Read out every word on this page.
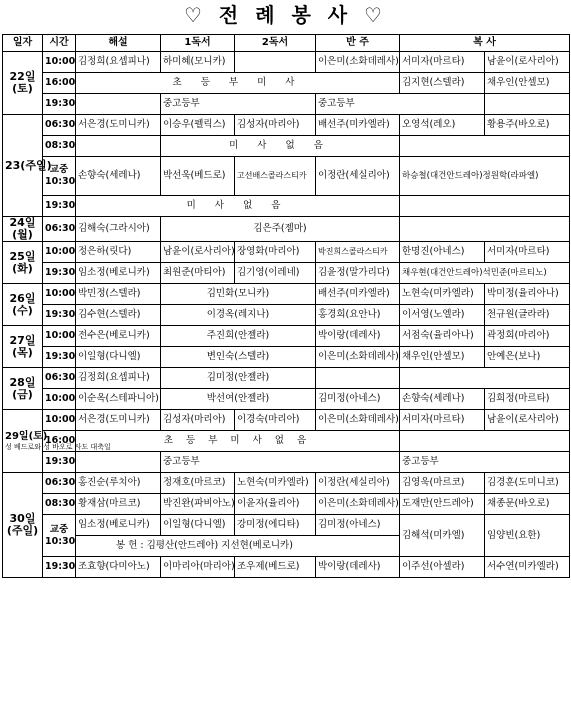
♡ 전 례 봉 사 ♡
일자	시간	해설	1독서	2독서	반 주	복 사	
22일
(토)	10:00	김정희(요셉피나)	하미혜(모니카)		이은미(소화데레사)	서미자(마르타)	남윤이(로사리아)
	16:00	초 등 부 미 사				김지현(스텔라)	채우인(안셀모)
	19:30		중고등부		중고등부		
23(주일)	06:30	서은경(도미니카)	이승우(펠릭스)	김성자(마리아)	배선주(미카엘라)	오영석(레오)	황용주(바오로)
	08:30		미 사 없 음				
	교중
10:30	손향숙(세레나)	박선욱(베드로)	고선배스콜라스티카	이정란(세실리아)	하승철(대건안드레아)정원학(라파엘)	
	19:30	미 사 없 음					
24일
(월)	06:30	김해숙(그라시아)	김은주(젬마)				
25일
(화)	10:00	정은하(릿다)	남윤이(로사리아)	장영화(마리아)	박진희스콜라스티카	한명진(아네스)	서미자(마르타)
	19:30	임소정(베로니카)	최원준(마티아)	김기영(이레네)	김윤정(말가리다)	채우현(대건안드레아)석민준(마르티노)	
26일
(수)	10:00	박민정(스텔라)	김민화(모니카)		배선주(미카엘라)	노현숙(미카엘라)	박미정(율리아나)
	19:30	김수현(스텔라)	이경옥(레지나)		홍경희(요안나)	이서영(노엘라)	천규원(글라라)
27일
(목)	10:00	전수은(베로니카)	주진희(안젤라)		박이랑(데레사)	서점숙(율리아나)	곽정희(마리아)
	19:30	이일형(다니엘)	변인숙(스텔라)		이은미(소화데레사)	채우인(안셀모)	안예은(보나)
28일
(금)	06:30	김정희(요셉피나)	김미정(안젤라)				
	10:00	이순옥(스테파니아)	박선여(안젤라)		김미정(아네스)	손향숙(세레나)	김희정(마르타)
29일(토)
성 베드로와 성 바오로 사도 대축일	10:00	서은경(도미니카)	김성자(마리아)	이경숙(마리아)	이은미(소화데레사)	서미자(마르타)	남윤이(로사리아)
	16:00	초 등 부 미 사 없 음					
	19:30		중고등부			중고등부	
30일
(주일)	06:30	홍진순(루치아)	정재호(마르코)	노현숙(미카엘라)	이정란(세실리아)	김영욱(마르코)	김경훈(도미니코)
	08:30	황재삼(마르코)	박진완(파비아노)	이윤자(율리아)	이은미(소화데레사)	도재만(안드레아)	채종문(바오로)
	교중
10:30	임소정(베로니카)	이일형(다니엘)	강미정(에디타)	김미정(아네스)	김해석(미카엘)	임양빈(요한)
		봉 헌 : 김평산(안드레아) 지선현(베로니카)					
	19:30	조효향(다미아노)	이마리아(마리아)	조우제(베드로)	박이랑(데레사)	이주선(아셀라)	서수연(미카엘라)
